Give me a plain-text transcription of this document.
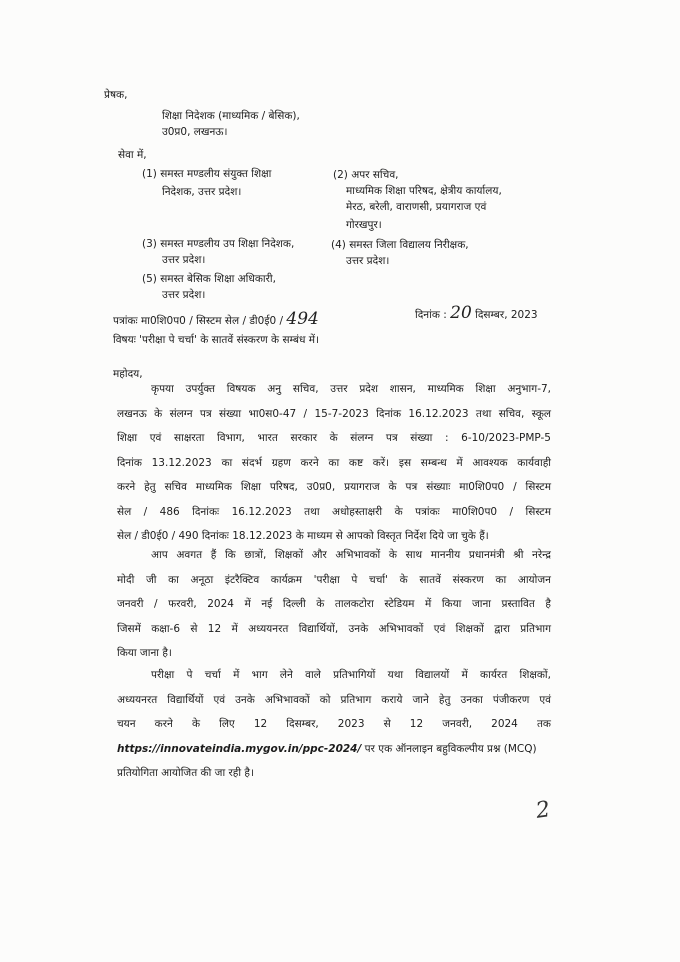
प्रेषक,
शिक्षा निदेशक (माध्यमिक / बेसिक),
उ0प्र0, लखनऊ।
सेवा में,
(1) समस्त मण्डलीय संयुक्त शिक्षा
निदेशक, उत्तर प्रदेश।
(2) अपर सचिव,
माध्यमिक शिक्षा परिषद, क्षेत्रीय कार्यालय,
मेरठ, बरेली, वाराणसी, प्रयागराज एवं
गोरखपुर।
(3) समस्त मण्डलीय उप शिक्षा निदेशक,
उत्तर प्रदेश।
(4) समस्त जिला विद्यालय निरीक्षक,
उत्तर प्रदेश।
(5) समस्त बेसिक शिक्षा अधिकारी,
उत्तर प्रदेश।
पत्रांकः मा0शि0प0 / सिस्टम सेल / डी0ई0 / 494	दिनांक : 20 दिसम्बर, 2023
विषयः 'परीक्षा पे चर्चा' के सातवें संस्करण के सम्बंध में।
महोदय,
कृपया उपर्युक्त विषयक अनु सचिव, उत्तर प्रदेश शासन, माध्यमिक शिक्षा अनुभाग-7,
लखनऊ के संलग्न पत्र संख्या भा0स0-47 / 15-7-2023 दिनांक 16.12.2023 तथा सचिव, स्कूल
शिक्षा एवं साक्षरता विभाग, भारत सरकार के संलग्न पत्र संख्या : 6-10/2023-PMP-5
दिनांक 13.12.2023 का संदर्भ ग्रहण करने का कष्ट करें। इस सम्बन्ध में आवश्यक कार्यवाही
करने हेतु सचिव माध्यमिक शिक्षा परिषद, उ0प्र0, प्रयागराज के पत्र संख्याः मा0शि0प0 / सिस्टम
सेल / 486 दिनांकः 16.12.2023 तथा अधोहस्ताक्षरी के पत्रांकः मा0शि0प0 / सिस्टम
सेल / डी0ई0 / 490 दिनांकः 18.12.2023 के माध्यम से आपको विस्तृत निर्देश दिये जा चुके हैं।
आप अवगत हैं कि छात्रों, शिक्षकों और अभिभावकों के साथ माननीय प्रधानमंत्री श्री नरेन्द्र
मोदी जी का अनूठा इंटरैक्टिव कार्यक्रम 'परीक्षा पे चर्चा' के सातवें संस्करण का आयोजन
जनवरी / फरवरी, 2024 में नई दिल्ली के तालकटोरा स्टेडियम में किया जाना प्रस्तावित है
जिसमें कक्षा-6 से 12 में अध्ययनरत विद्यार्थियों, उनके अभिभावकों एवं शिक्षकों द्वारा प्रतिभाग
किया जाना है।
परीक्षा पे चर्चा में भाग लेने वाले प्रतिभागियों यथा विद्यालयों में कार्यरत शिक्षकों,
अध्ययनरत विद्यार्थियों एवं उनके अभिभावकों को प्रतिभाग कराये जाने हेतु उनका पंजीकरण एवं
चयन करने के लिए 12 दिसम्बर, 2023 से 12 जनवरी, 2024 तक
https://innovateindia.mygov.in/ppc-2024/ पर एक ऑनलाइन बहुविकल्पीय प्रश्न (MCQ)
प्रतियोगिता आयोजित की जा रही है।
2
